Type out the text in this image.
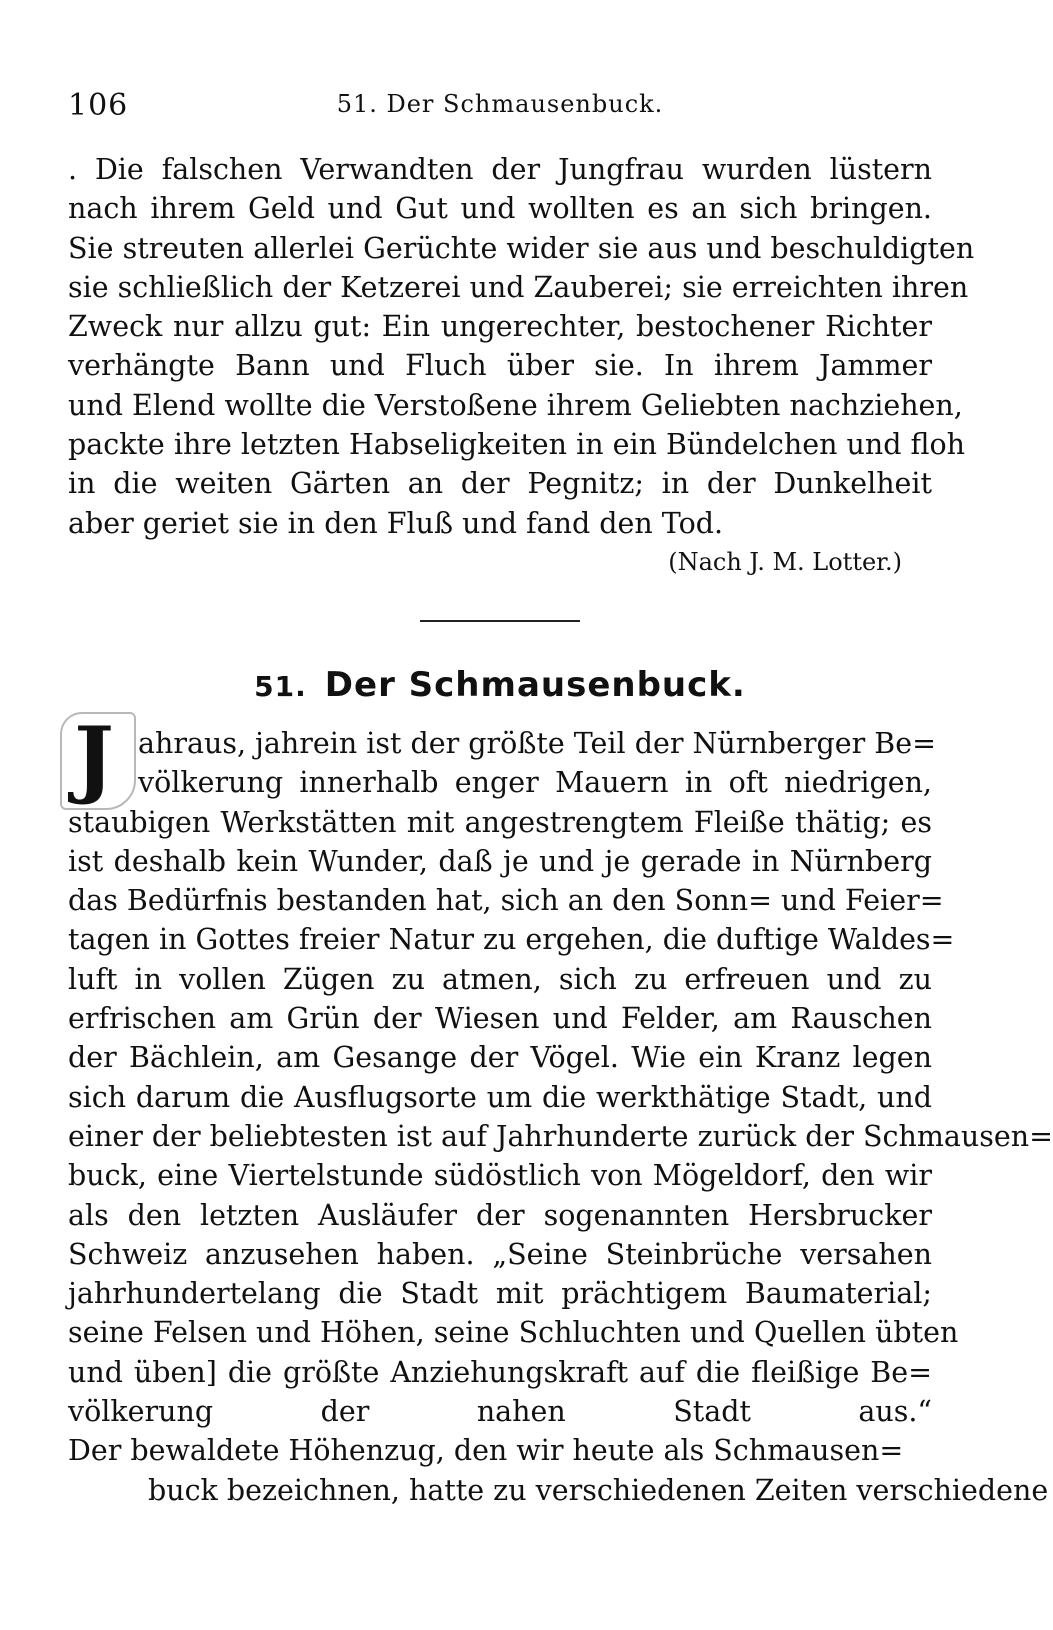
106	51. Der Schmausenbuck.
. Die falschen Verwandten der Jungfrau wurden lüstern
nach ihrem Geld und Gut und wollten es an sich bringen.
Sie streuten allerlei Gerüchte wider sie aus und beschuldigten
sie schließlich der Ketzerei und Zauberei; sie erreichten ihren
Zweck nur allzu gut: Ein ungerechter, bestochener Richter
verhängte Bann und Fluch über sie. In ihrem Jammer
und Elend wollte die Verstoßene ihrem Geliebten nachziehen,
packte ihre letzten Habseligkeiten in ein Bündelchen und floh
in die weiten Gärten an der Pegnitz; in der Dunkelheit
aber geriet sie in den Fluß und fand den Tod.
(Nach J. M. Lotter.)
51. Der Schmausenbuck.
J ahraus, jahrein ist der größte Teil der Nürnberger Be=
völkerung innerhalb enger Mauern in oft niedrigen,
staubigen Werkstätten mit angestrengtem Fleiße thätig; es
ist deshalb kein Wunder, daß je und je gerade in Nürnberg
das Bedürfnis bestanden hat, sich an den Sonn= und Feier=
tagen in Gottes freier Natur zu ergehen, die duftige Waldes=
luft in vollen Zügen zu atmen, sich zu erfreuen und zu
erfrischen am Grün der Wiesen und Felder, am Rauschen
der Bächlein, am Gesange der Vögel. Wie ein Kranz legen
sich darum die Ausflugsorte um die werkthätige Stadt, und
einer der beliebtesten ist auf Jahrhunderte zurück der Schmausen=
buck, eine Viertelstunde südöstlich von Mögeldorf, den wir
als den letzten Ausläufer der sogenannten Hersbrucker
Schweiz anzusehen haben. „Seine Steinbrüche versahen
jahrhundertelang die Stadt mit prächtigem Baumaterial;
seine Felsen und Höhen, seine Schluchten und Quellen übten
und üben] die größte Anziehungskraft auf die fleißige Be=
völkerung der nahen Stadt aus.“
Der bewaldete Höhenzug, den wir heute als Schmausen=
buck bezeichnen, hatte zu verschiedenen Zeiten verschiedene
